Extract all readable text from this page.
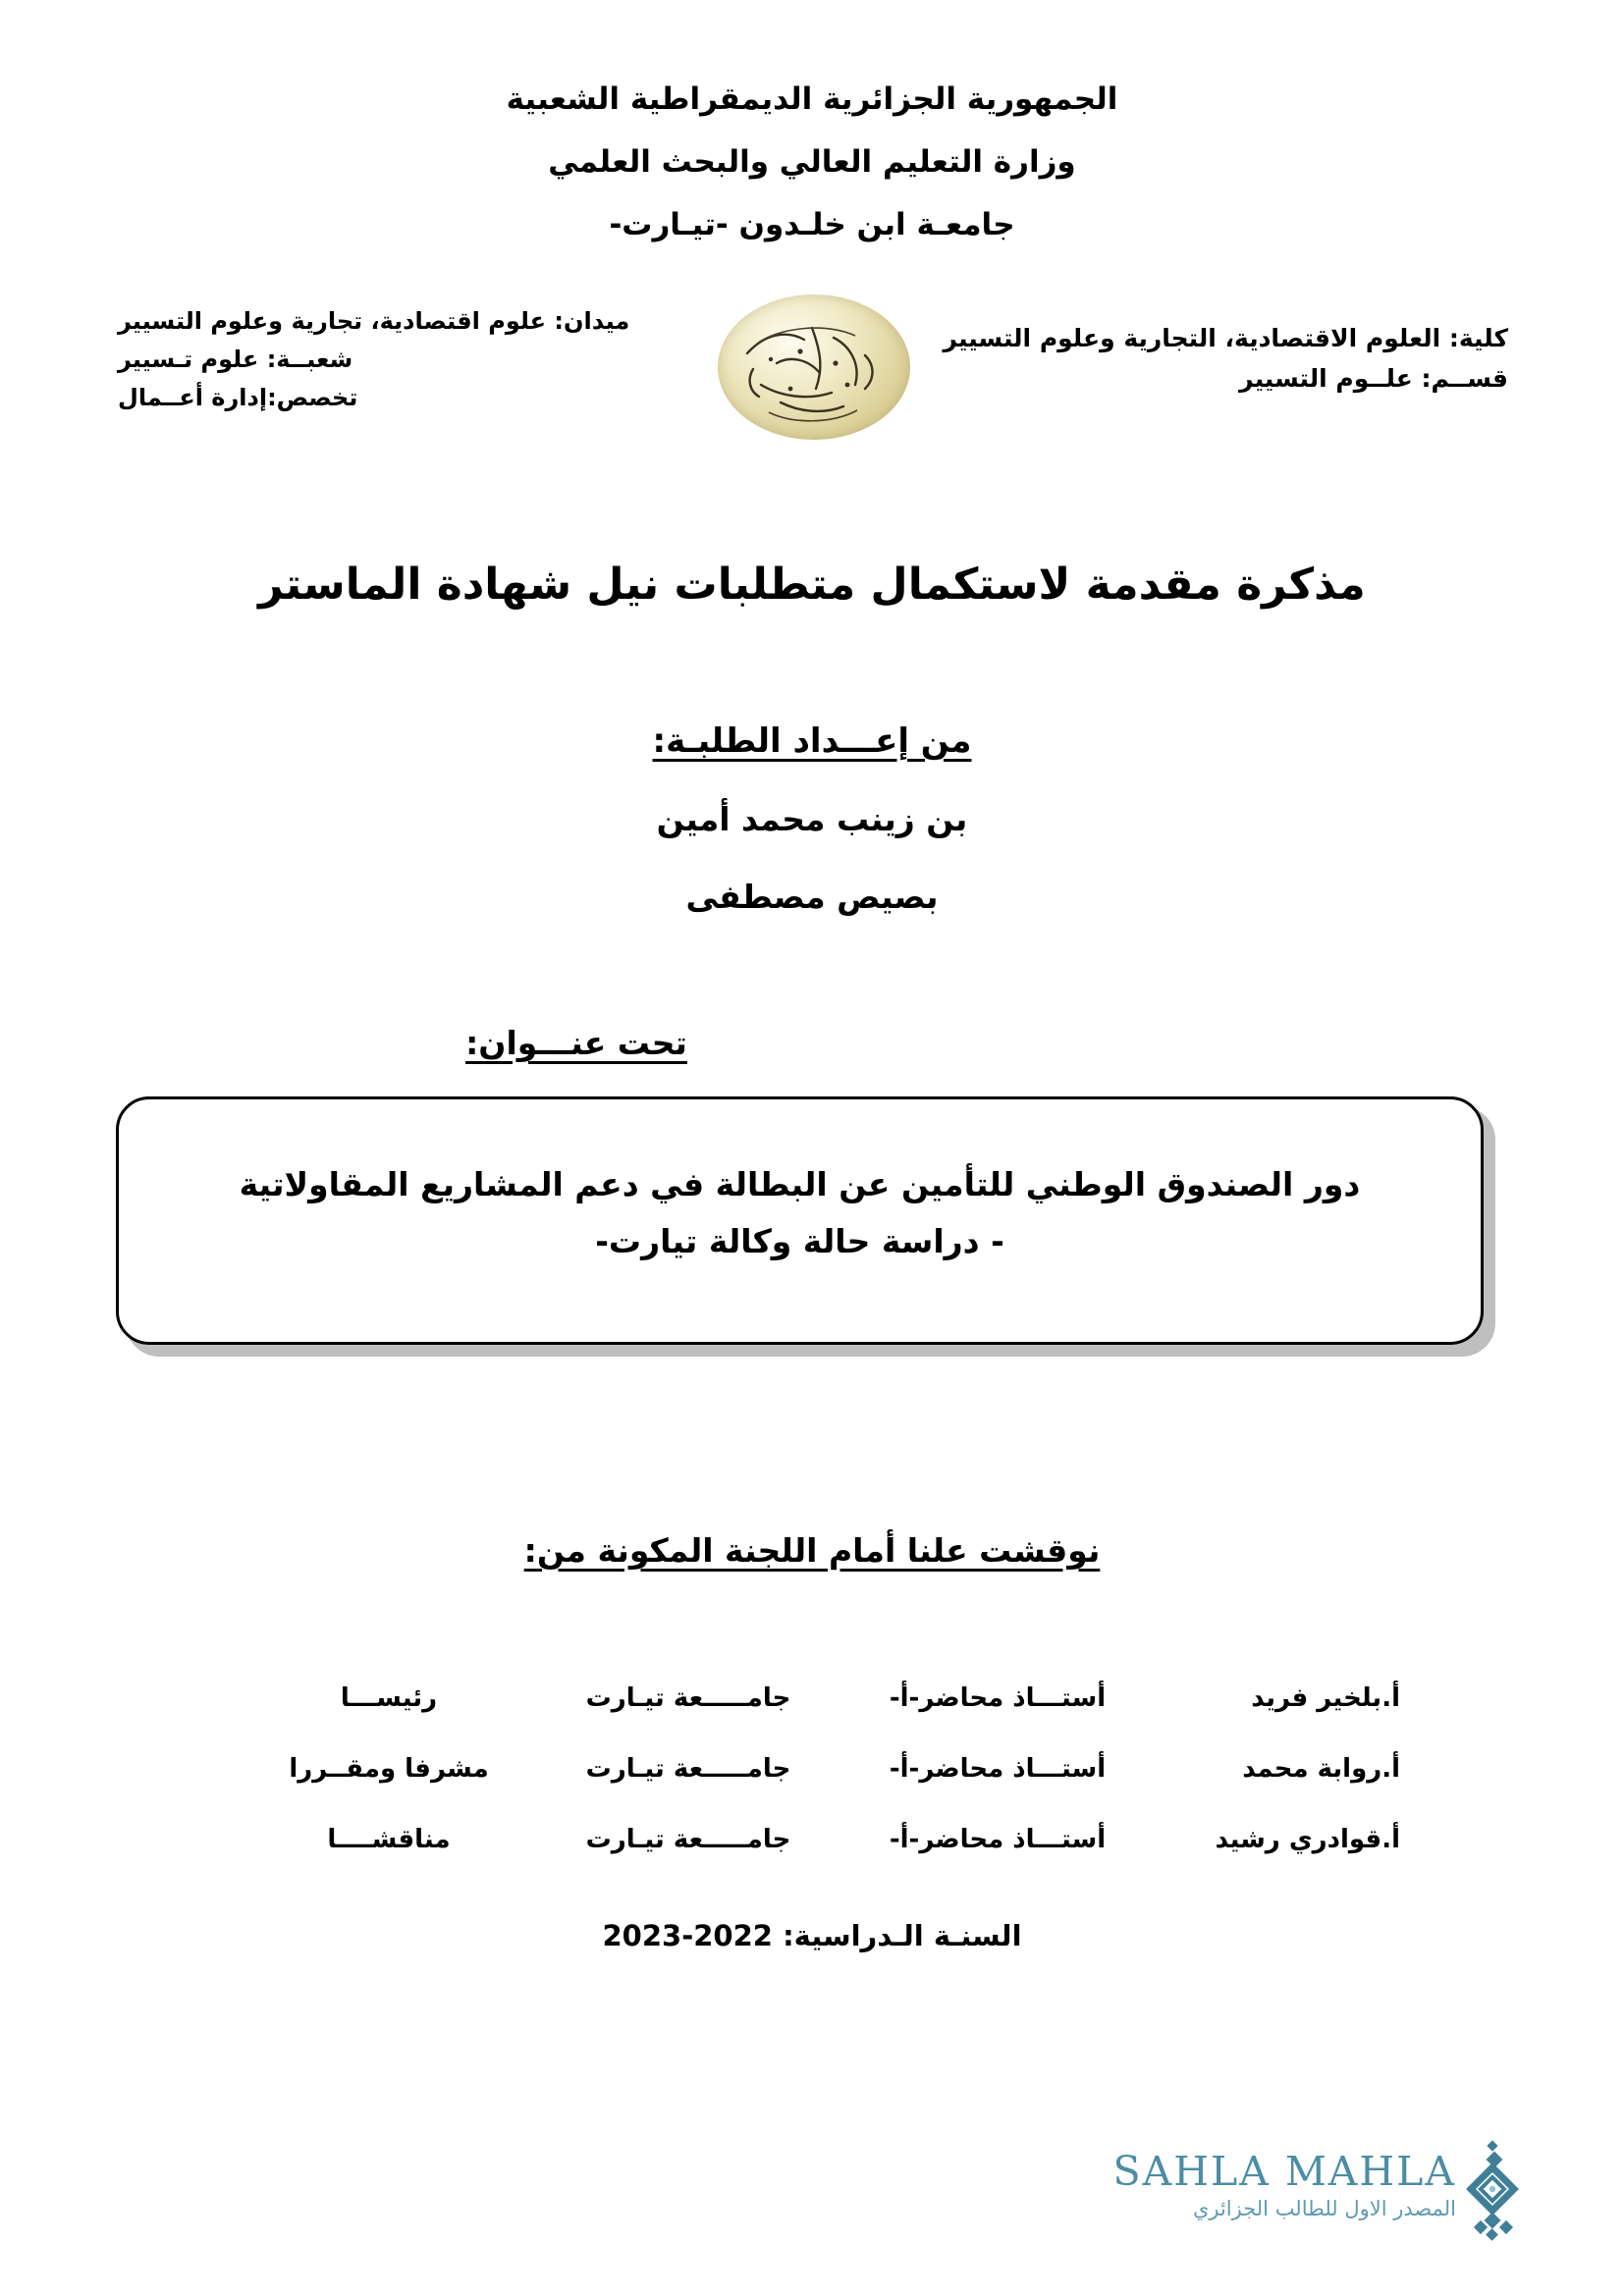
الجمهورية الجزائرية الديمقراطية الشعبية
وزارة التعليم العالي والبحث العلمي
جامعـة ابن خلـدون -تيـارت-
كلية: العلوم الاقتصادية، التجارية وعلوم التسيير
قســم: علــوم التسيير
ميدان: علوم اقتصادية، تجارية وعلوم التسيير
شعبــة: علوم تـسيير
تخصص:إدارة أعــمال
مذكرة مقدمة لاستكمال متطلبات نيل شهادة الماستر
من إعـــداد الطلبـة:
بن زينب محمد أمين
بصيص مصطفى
تحت عنـــوان:
دور الصندوق الوطني للتأمين عن البطالة في دعم المشاريع المقاولاتية
- دراسة حالة وكالة تيارت-
نوقشت علنا أمام اللجنة المكونة من:
أ.بلخير فريد
أستـــاذ محاضر-أ-
جامـــــعة تيـارت
رئيســـا
أ.روابة محمد
أستـــاذ محاضر-أ-
جامـــــعة تيـارت
مشرفا ومقــررا
أ.قوادري رشيد
أستـــاذ محاضر-أ-
جامـــــعة تيـارت
مناقشــــا
السنـة الـدراسية: 2022-2023
SAHLA MAHLA
المصدر الاول للطالب الجزائري
